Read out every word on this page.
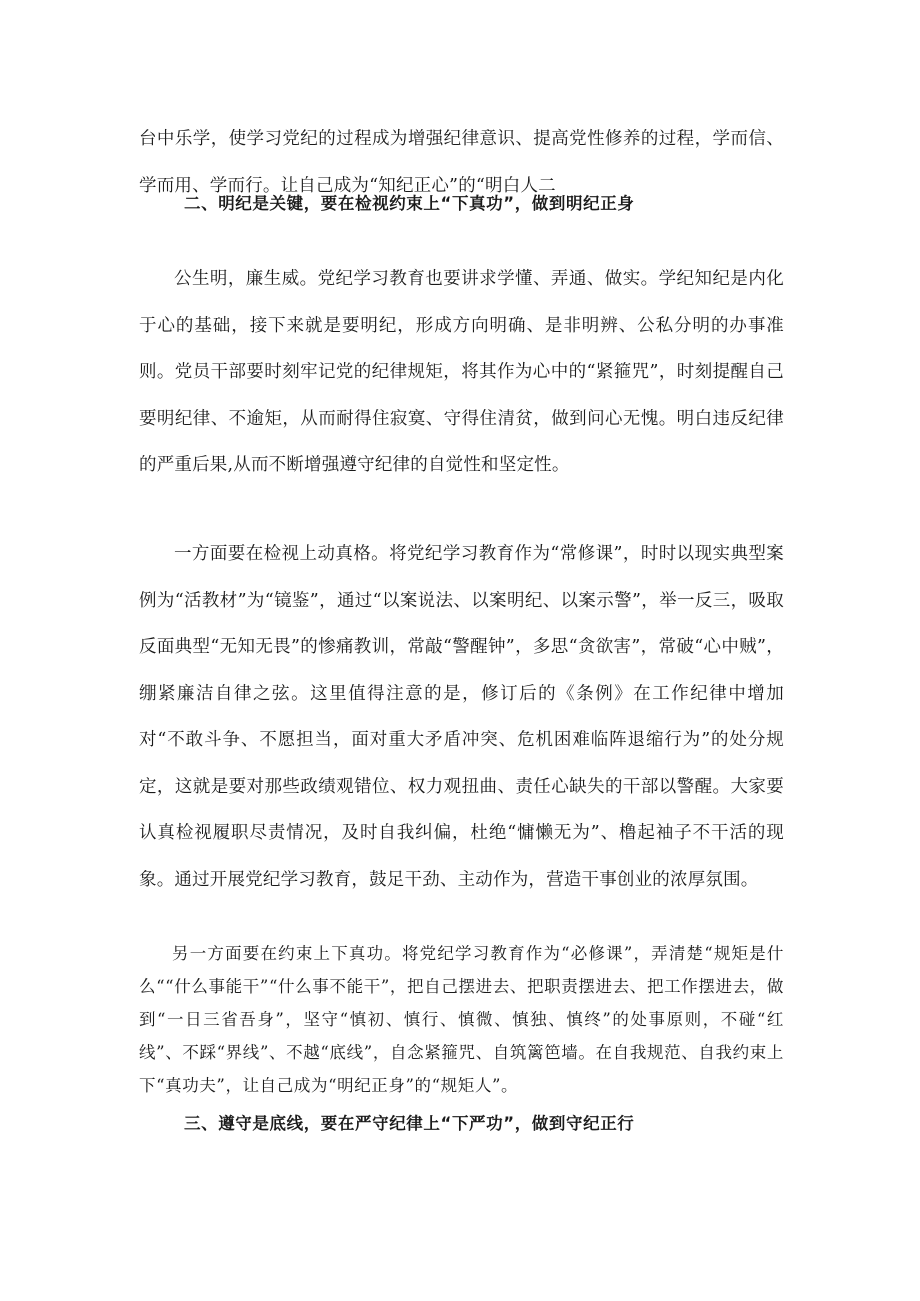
台中乐学，使学习党纪的过程成为增强纪律意识、提高党性修养的过程，学而信、学而用、学而行。让自己成为“知纪正心”的“明白人二

二、明纪是关键，要在检视约束上“下真功”，做到明纪正身

公生明，廉生威。党纪学习教育也要讲求学懂、弄通、做实。学纪知纪是内化于心的基础，接下来就是要明纪，形成方向明确、是非明辨、公私分明的办事准则。党员干部要时刻牢记党的纪律规矩，将其作为心中的“紧箍咒”，时刻提醒自己要明纪律、不逾矩，从而耐得住寂寞、守得住清贫，做到问心无愧。明白违反纪律的严重后果,从而不断增强遵守纪律的自觉性和坚定性。

一方面要在检视上动真格。将党纪学习教育作为“常修课”，时时以现实典型案例为“活教材”为“镜鉴”，通过“以案说法、以案明纪、以案示警”，举一反三，吸取反面典型“无知无畏”的惨痛教训，常敲“警醒钟”，多思“贪欲害”，常破“心中贼”，绷紧廉洁自律之弦。这里值得注意的是，修订后的《条例》在工作纪律中增加对“不敢斗争、不愿担当，面对重大矛盾冲突、危机困难临阵退缩行为”的处分规定，这就是要对那些政绩观错位、权力观扭曲、责任心缺失的干部以警醒。大家要认真检视履职尽责情况，及时自我纠偏，杜绝“慵懒无为”、橹起袖子不干活的现象。通过开展党纪学习教育，鼓足干劲、主动作为，营造干事创业的浓厚氛围。

另一方面要在约束上下真功。将党纪学习教育作为“必修课”，弄清楚“规矩是什么““什么事能干”“什么事不能干”，把自己摆进去、把职责摆进去、把工作摆进去，做到“一日三省吾身”，坚守“慎初、慎行、慎微、慎独、慎终”的处事原则，不碰“红线”、不踩“界线”、不越“底线”，自念紧箍咒、自筑篱笆墙。在自我规范、自我约束上下“真功夫”，让自己成为“明纪正身”的“规矩人”。

三、遵守是底线，要在严守纪律上“下严功”，做到守纪正行
